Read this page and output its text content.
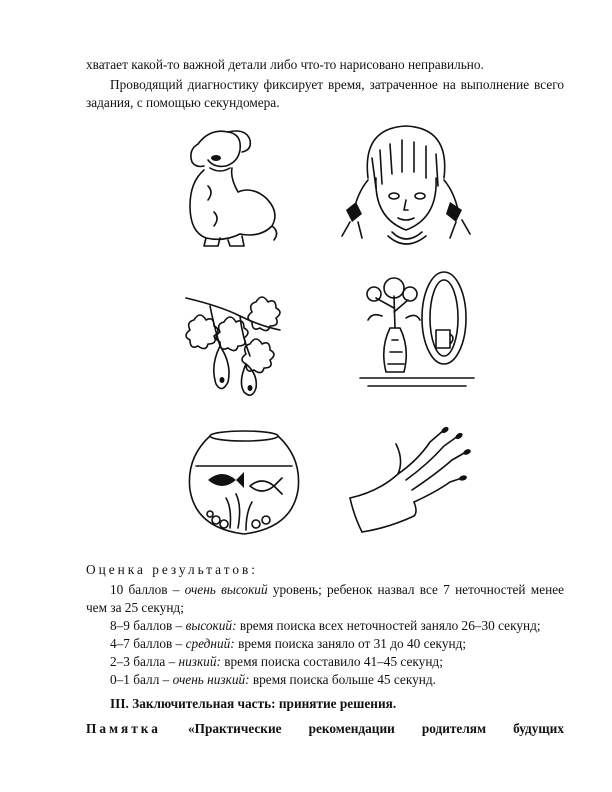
хватает какой-то важной детали либо что-то нарисовано неправильно.
Проводящий диагностику фиксирует время, затраченное на выполнение всего задания, с помощью секундомера.
Оценка результатов:
10 баллов – очень высокий уровень; ребенок назвал все 7 неточностей менее чем за 25 секунд;
8–9 баллов – высокий: время поиска всех неточностей заняло 26–30 секунд;
4–7 баллов – средний: время поиска заняло от 31 до 40 секунд;
2–3 балла – низкий: время поиска составило 41–45 секунд;
0–1 балл – очень низкий: время поиска больше 45 секунд.
III. Заключительная часть: принятие решения.
Памятка «Практические рекомендации родителям будущих
